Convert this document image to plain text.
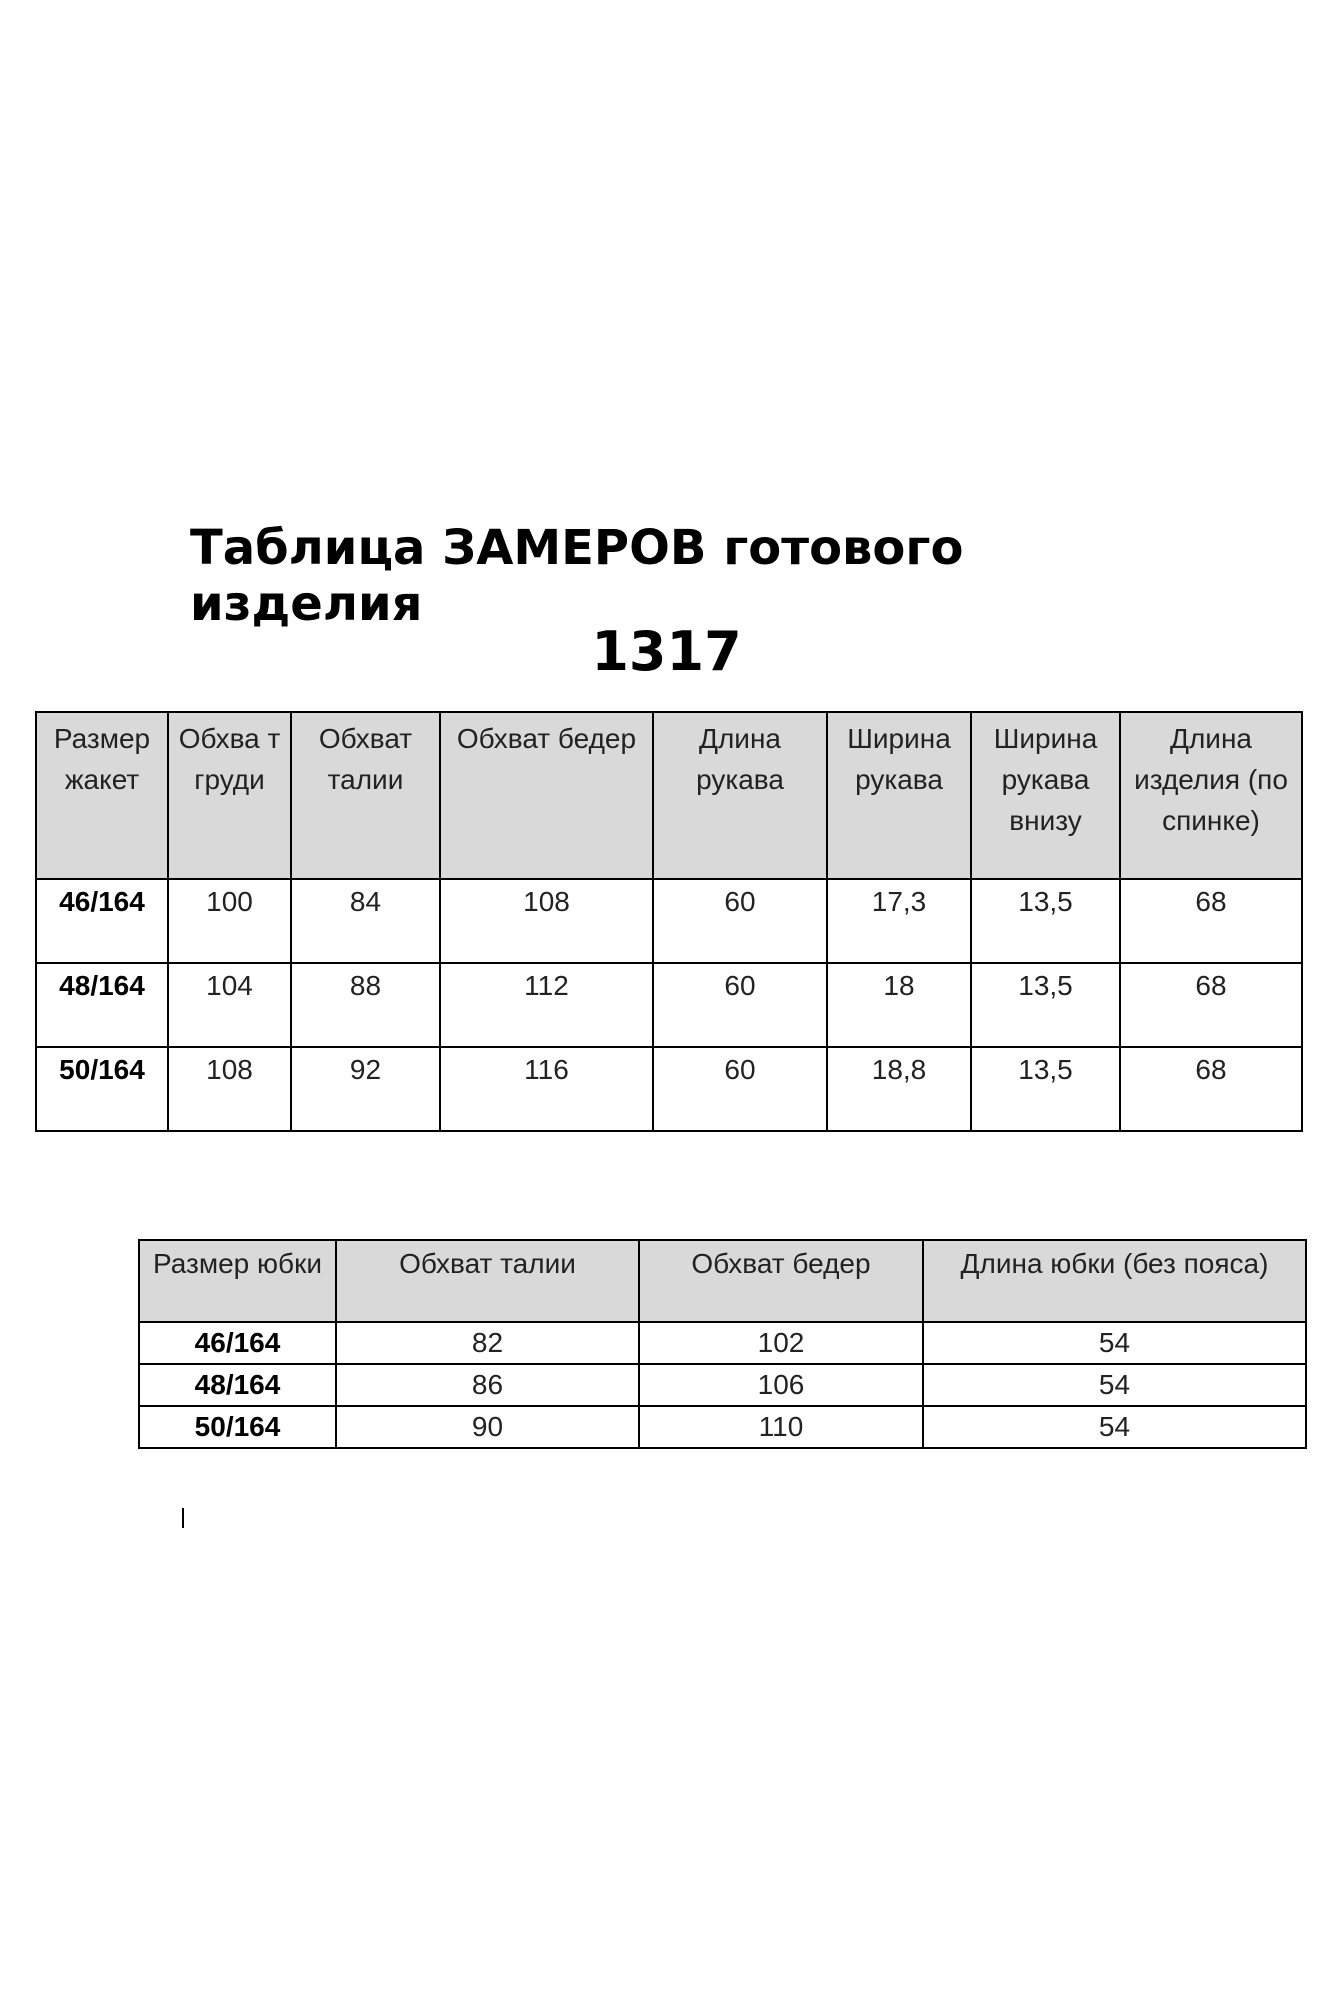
Таблица ЗАМЕРОВ готового изделия
1317
Размер жакет	Обхва т груди	Обхват талии	Обхват бедер	Длина рукава	Ширина рукава	Ширина рукава внизу	Длина изделия (по спинке)
46/164	100	84	108	60	17,3	13,5	68
48/164	104	88	112	60	18	13,5	68
50/164	108	92	116	60	18,8	13,5	68
Размер юбки	Обхват талии	Обхват бедер	Длина юбки (без пояса)
46/164	82	102	54
48/164	86	106	54
50/164	90	110	54
